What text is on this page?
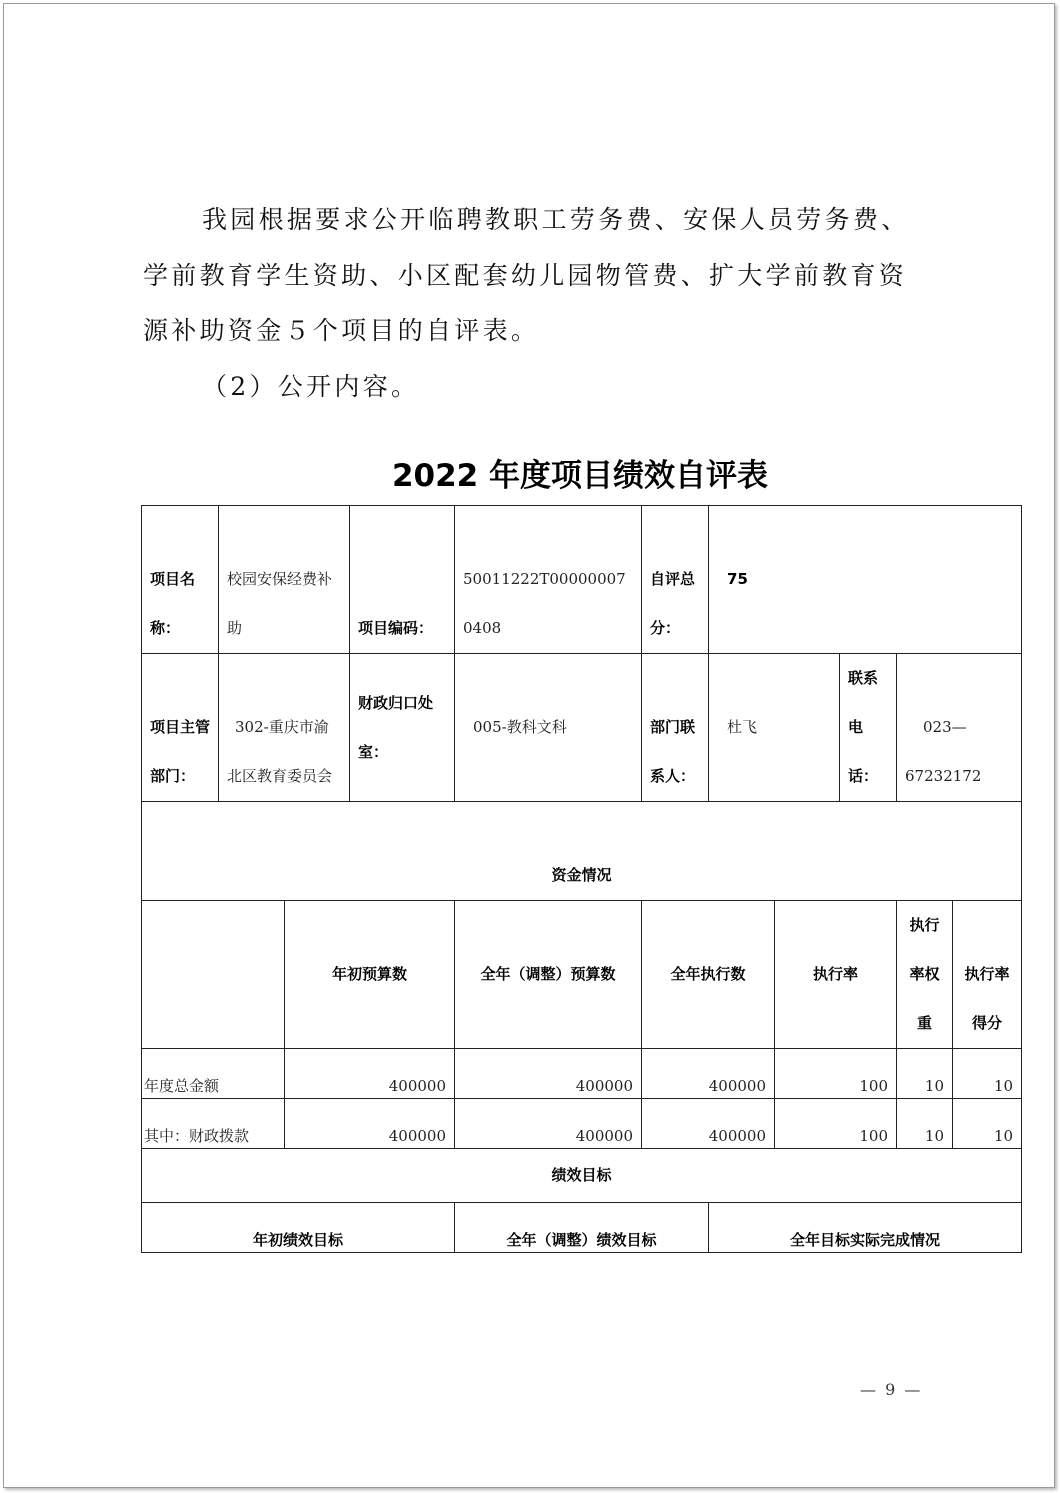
我园根据要求公开临聘教职工劳务费、安保人员劳务费、
学前教育学生资助、小区配套幼儿园物管费、扩大学前教育资
源补助资金５个项目的自评表。
（2）公开内容。
2022 年度项目绩效自评表
项目名称：	校园安保经费补助		项目编码：	50011222T000000070408	自评总分：	75				
项目主管部门：	302-重庆市渝北区教育委员会		财政归口处室：	005-教科文科	部门联系人：	杜飞		联系电话：	023—67232172	
资金情况										
		年初预算数		全年（调整）预算数	全年执行数		执行率		执行率权重	执行率得分
年度总金额		400000		400000	400000		100		10	10
其中：财政拨款		400000		400000	400000		100		10	10
绩效目标										
年初绩效目标				全年（调整）绩效目标		全年目标实际完成情况				
— 9 —
